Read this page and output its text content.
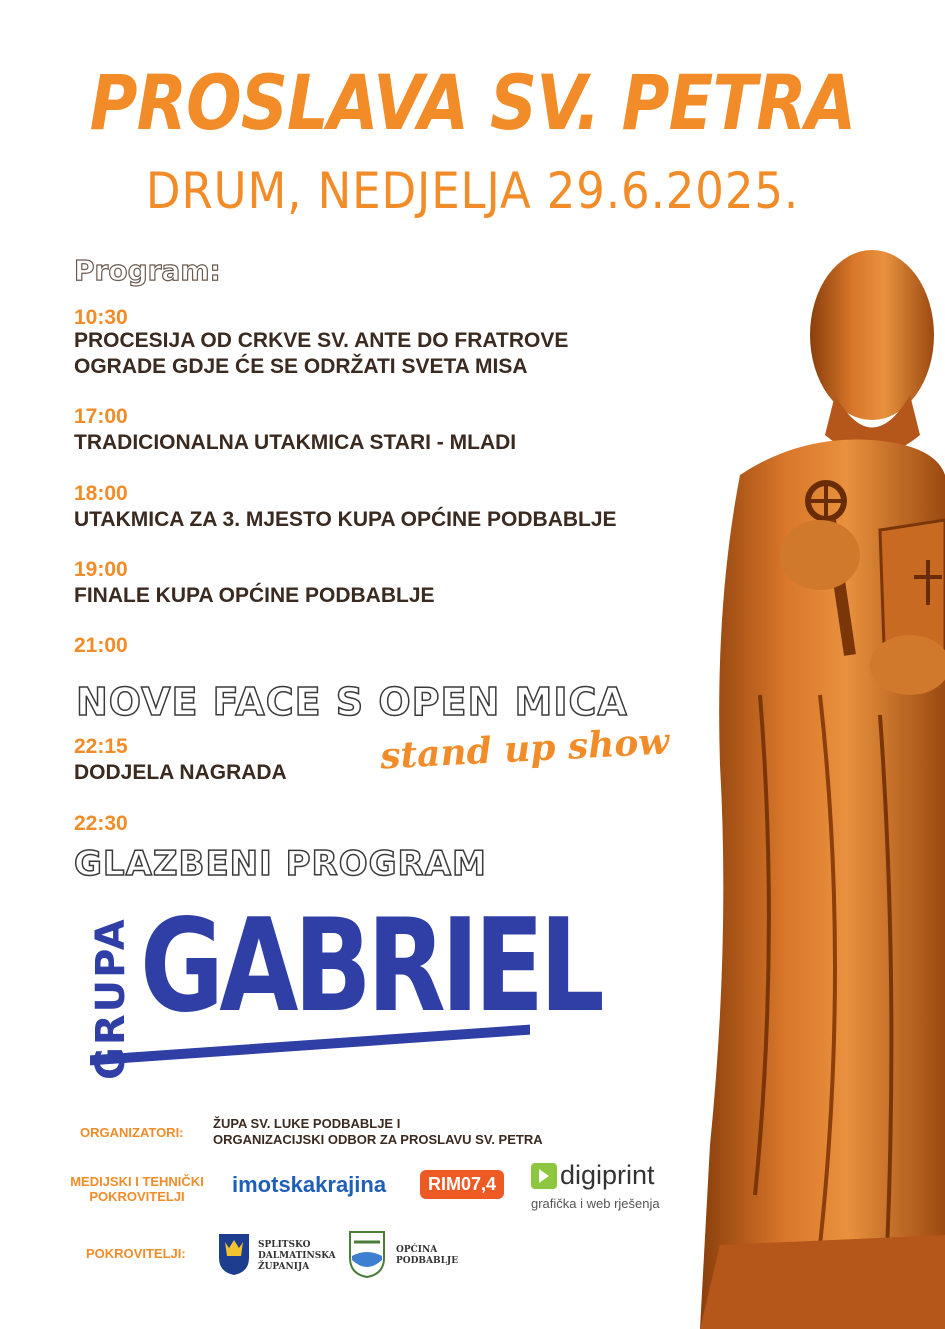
PROSLAVA SV. PETRA
DRUM, NEDJELJA 29.6.2025.
Program:
10:30
PROCESIJA OD CRKVE SV. ANTE DO FRATROVE
OGRADE GDJE ĆE SE ODRŽATI SVETA MISA
17:00
TRADICIONALNA UTAKMICA STARI - MLADI
18:00
UTAKMICA ZA 3. MJESTO KUPA OPĆINE PODBABLJE
19:00
FINALE KUPA OPĆINE PODBABLJE
21:00
NOVE FACE S OPEN MICA
stand up show
22:15
DODJELA NAGRADA
22:30
GLAZBENI PROGRAM
GRUPA GABRIEL
ORGANIZATORI:
ŽUPA SV. LUKE PODBABLJE I
ORGANIZACIJSKI ODBOR ZA PROSLAVU SV. PETRA
MEDIJSKI I TEHNIČKI
POKROVITELJI	imotskakrajina	RIM07,4 digiprint
grafička i web rješenja
POKROVITELJI:
SPLITSKO
DALMATINSKA
ŽUPANIJA
OPĆINA
PODBABLJE
